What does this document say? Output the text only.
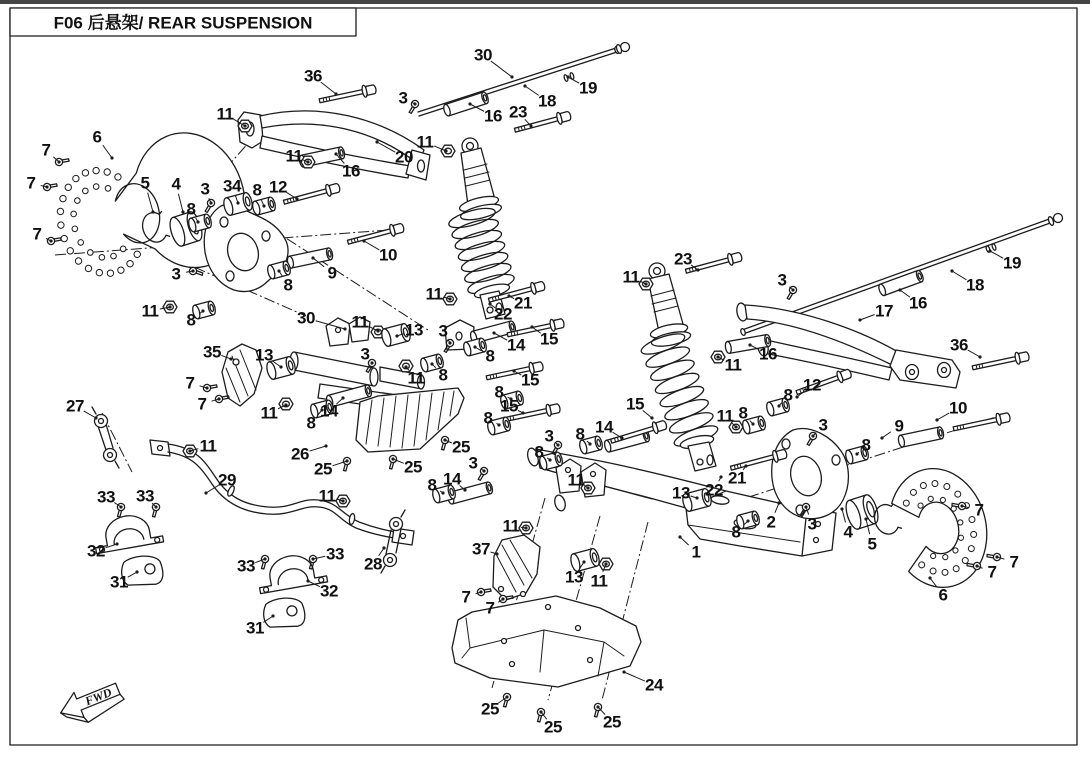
F06 后悬架/ REAR SUSPENSION
FWD
36
30
3
19
18
23
16
11
11
16
20
11
6
7
7
7
5 4 3 34 8 12
8
3
11 8
8
9
10
30
35 13
11 13 3
3	14 15
8
11	21
22
7
7	11
8
14
8
11	15
8
15
8
26
25	25
25
27
11
29
33 33
32
31
33
33
32
31
28
11
8 14
3
11
37
7
7
13 11
24
25
25 25
11
8
3 8 14
15
1
23
11	3
17 16
18
19
16
11
36
13 22
21
2 3 4
5
6
7
7
7
8
8
11
12
8
3	9
10
8
